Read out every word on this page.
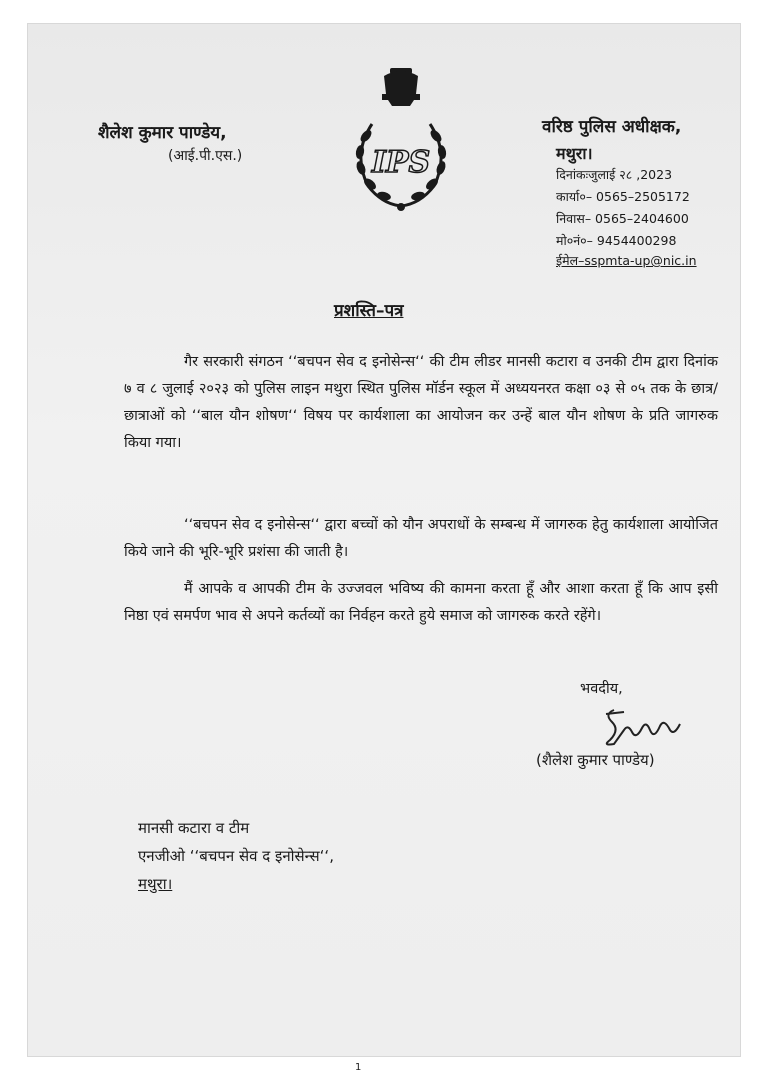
शैलेश कुमार पाण्डेय,
(आई.पी.एस.)	IPS
वरिष्ठ पुलिस अधीक्षक,
मथुरा।
दिनांकःजुलाई २८ ,2023
कार्या०– 0565–2505172
निवास– 0565–2404600
मो०नं०– 9454400298
ईमेल–sspmta-up@nic.in
प्रशस्ति–पत्र
गैर सरकारी संगठन ‘‘बचपन सेव द इनोसेन्स‘‘ की टीम लीडर मानसी कटारा व उनकी टीम द्वारा दिनांक ७ व ८ जुलाई २०२३ को पुलिस लाइन मथुरा स्थित पुलिस मॉर्डन स्कूल में अध्ययनरत कक्षा ०३ से ०५ तक के छात्र/छात्राओं को ‘‘बाल यौन शोषण‘‘ विषय पर कार्यशाला का आयोजन कर उन्हें बाल यौन शोषण के प्रति जागरुक किया गया।
‘‘बचपन सेव द इनोसेन्स‘‘ द्वारा बच्चों को यौन अपराधों के सम्बन्ध में जागरुक हेतु कार्यशाला आयोजित किये जाने की भूरि-भूरि प्रशंसा की जाती है।
मैं आपके व आपकी टीम के उज्जवल भविष्य की कामना करता हूँ और आशा करता हूँ कि आप इसी निष्ठा एवं समर्पण भाव से अपने कर्तव्यों का निर्वहन करते हुये समाज को जागरुक करते रहेंगे।
भवदीय,
(शैलेश कुमार पाण्डेय)
मानसी कटारा व टीम
एनजीओ ‘‘बचपन सेव द इनोसेन्स‘‘,
मथुरा।
1
